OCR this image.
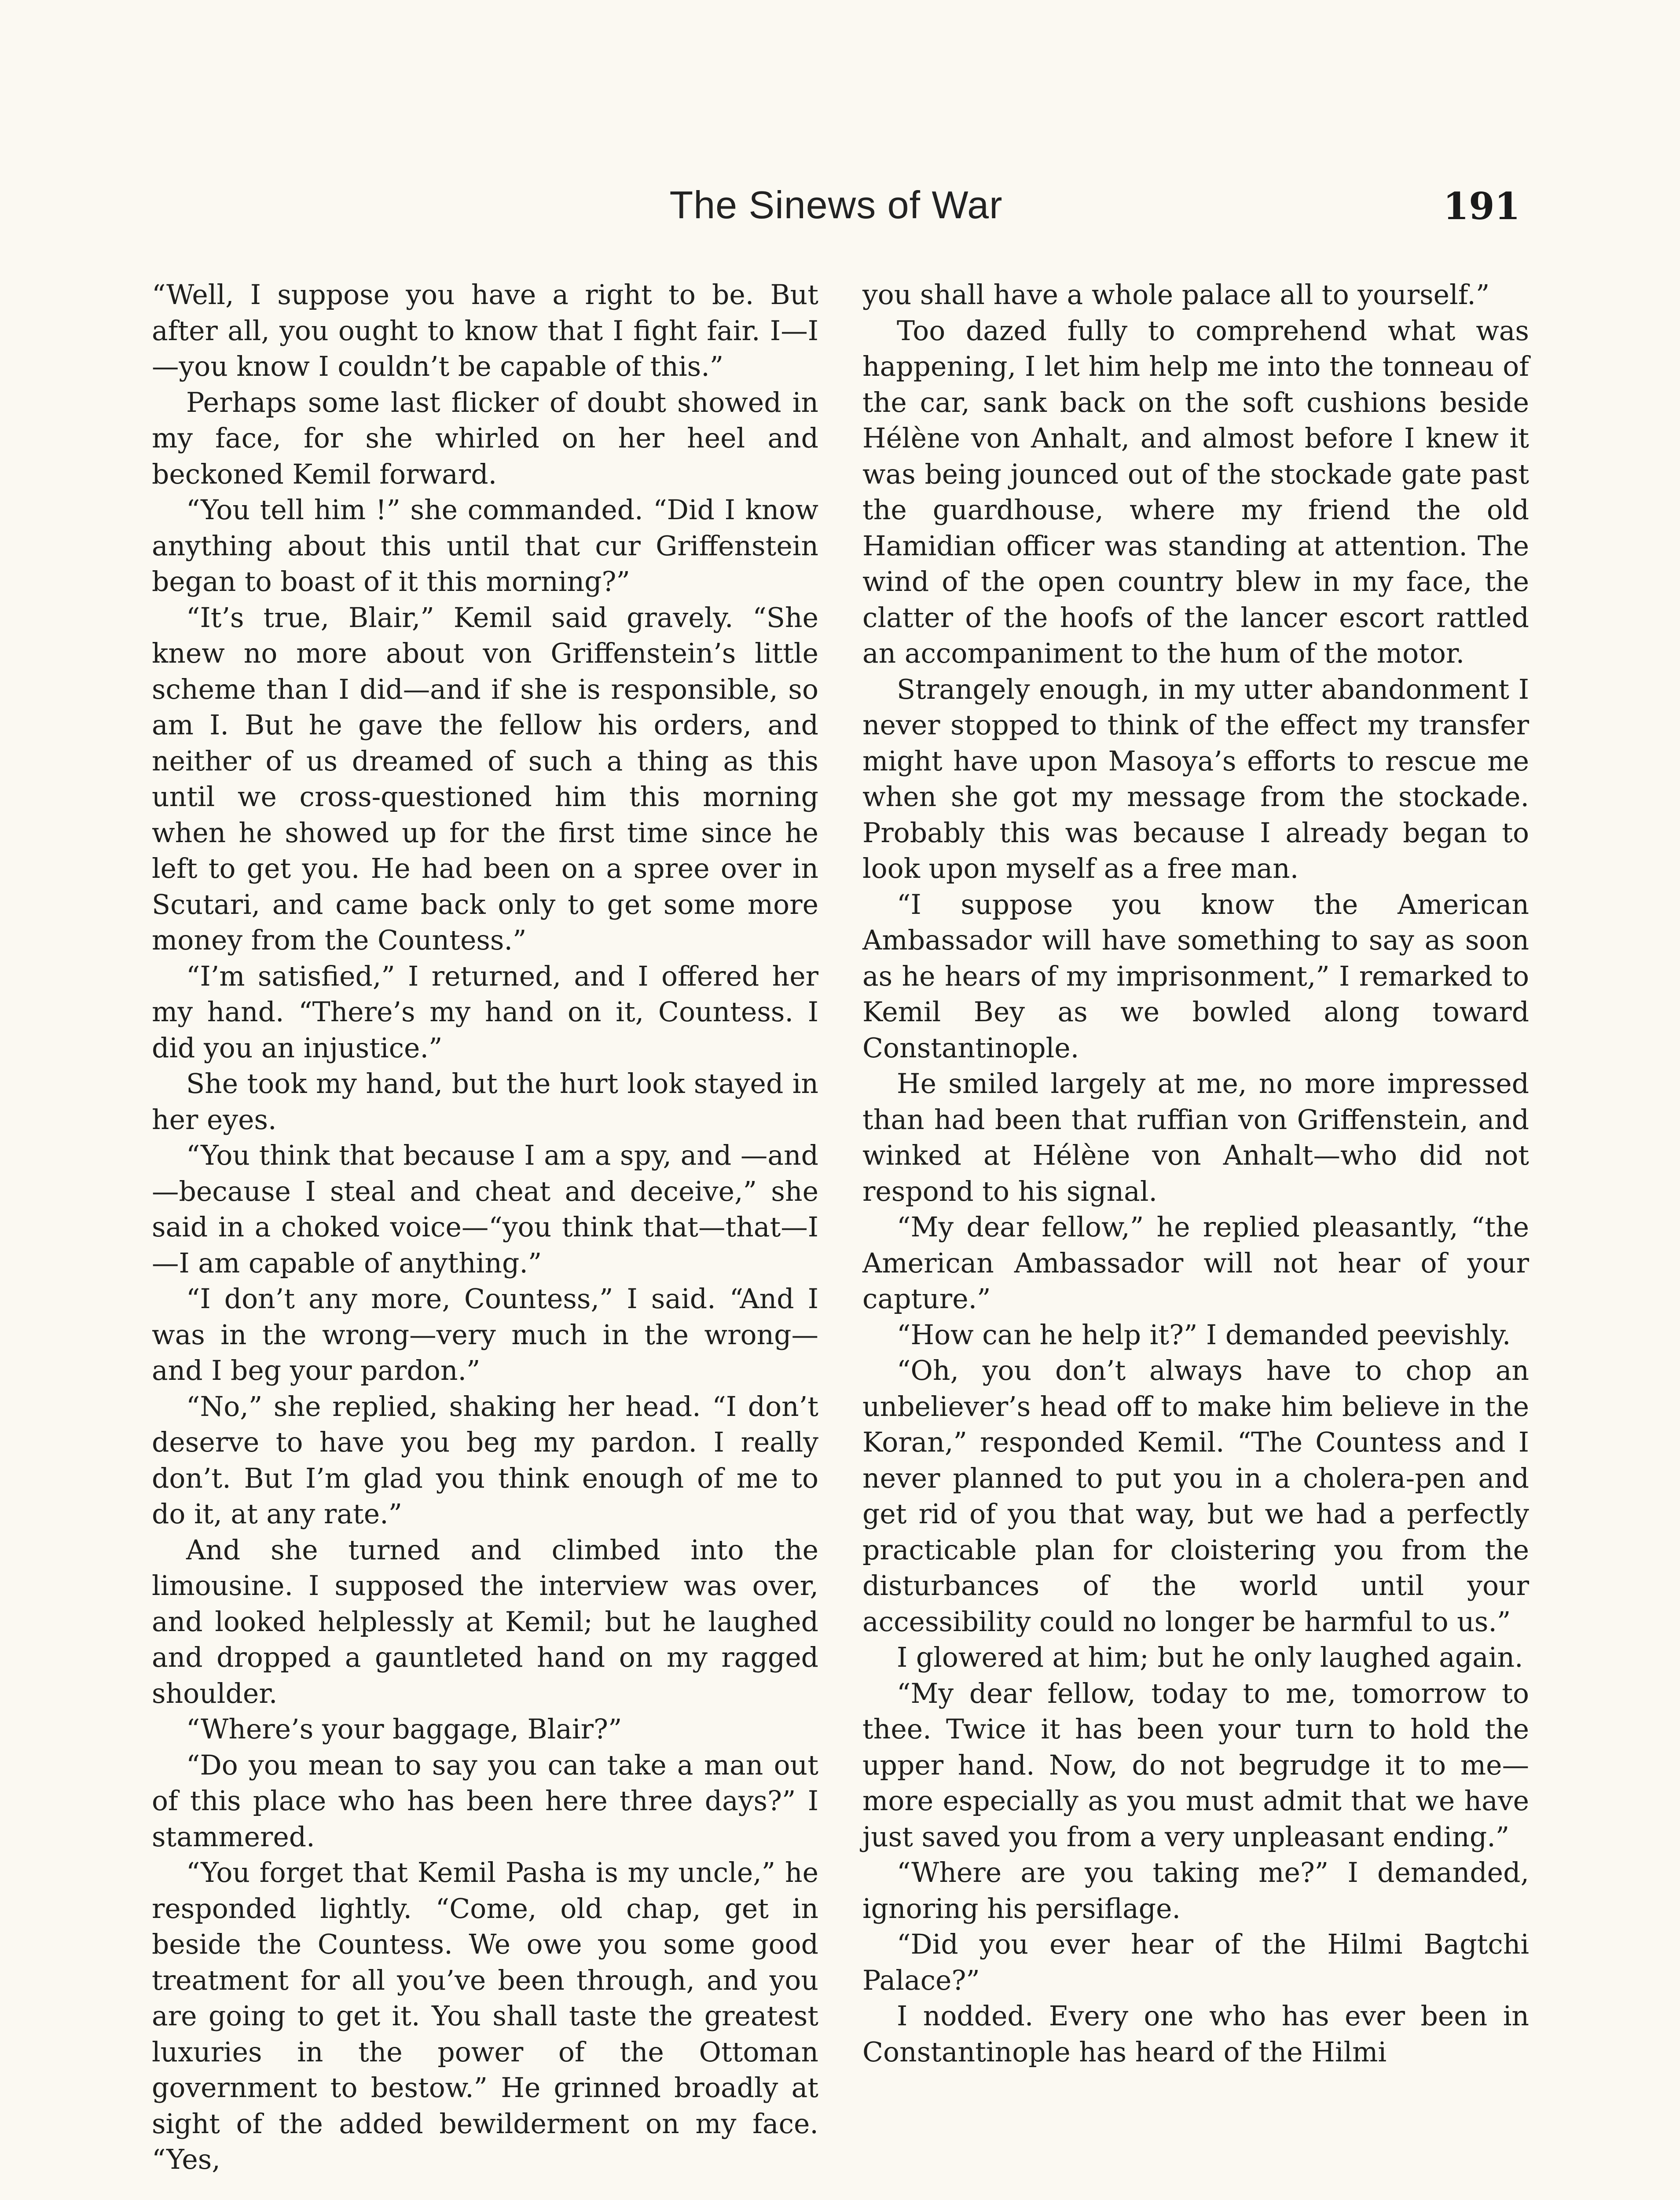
The Sinews of War	191

“Well, I suppose you have a right to be. But after all, you ought to know that I fight fair. I—I—you know I couldn’t be capable of this.”

Perhaps some last flicker of doubt showed in my face, for she whirled on her heel and beckoned Kemil forward.

“You tell him !” she commanded. “Did I know anything about this until that cur Griffenstein began to boast of it this morning?”

“It’s true, Blair,” Kemil said gravely. “She knew no more about von Griffenstein’s little scheme than I did—and if she is responsible, so am I. But he gave the fellow his orders, and neither of us dreamed of such a thing as this until we cross-questioned him this morning when he showed up for the first time since he left to get you. He had been on a spree over in Scutari, and came back only to get some more money from the Countess.”

“I’m satisfied,” I returned, and I offered her my hand. “There’s my hand on it, Countess. I did you an injustice.”

She took my hand, but the hurt look stayed in her eyes.

“You think that because I am a spy, and —and—because I steal and cheat and deceive,” she said in a choked voice—“you think that—that—I—I am capable of anything.”

“I don’t any more, Countess,” I said. “And I was in the wrong—very much in the wrong—and I beg your pardon.”

“No,” she replied, shaking her head. “I don’t deserve to have you beg my pardon. I really don’t. But I’m glad you think enough of me to do it, at any rate.”

And she turned and climbed into the limousine. I supposed the interview was over, and looked helplessly at Kemil; but he laughed and dropped a gauntleted hand on my ragged shoulder.

“Where’s your baggage, Blair?”

“Do you mean to say you can take a man out of this place who has been here three days?” I stammered.

“You forget that Kemil Pasha is my uncle,” he responded lightly. “Come, old chap, get in beside the Countess. We owe you some good treatment for all you’ve been through, and you are going to get it. You shall taste the greatest luxuries in the power of the Ottoman government to bestow.” He grinned broadly at sight of the added bewilderment on my face. “Yes,

you shall have a whole palace all to yourself.”

Too dazed fully to comprehend what was happening, I let him help me into the tonneau of the car, sank back on the soft cushions beside Hélène von Anhalt, and almost before I knew it was being jounced out of the stockade gate past the guardhouse, where my friend the old Hamidian officer was standing at attention. The wind of the open country blew in my face, the clatter of the hoofs of the lancer escort rattled an accompaniment to the hum of the motor.

Strangely enough, in my utter abandonment I never stopped to think of the effect my transfer might have upon Masoya’s efforts to rescue me when she got my message from the stockade. Probably this was because I already began to look upon myself as a free man.

“I suppose you know the American Ambassador will have something to say as soon as he hears of my imprisonment,” I remarked to Kemil Bey as we bowled along toward Constantinople.

He smiled largely at me, no more impressed than had been that ruffian von Griffenstein, and winked at Hélène von Anhalt—who did not respond to his signal.

“My dear fellow,” he replied pleasantly, “the American Ambassador will not hear of your capture.”

“How can he help it?” I demanded peevishly.

“Oh, you don’t always have to chop an unbeliever’s head off to make him believe in the Koran,” responded Kemil. “The Countess and I never planned to put you in a cholera-pen and get rid of you that way, but we had a perfectly practicable plan for cloistering you from the disturbances of the world until your accessibility could no longer be harmful to us.”

I glowered at him; but he only laughed again.

“My dear fellow, today to me, tomorrow to thee. Twice it has been your turn to hold the upper hand. Now, do not begrudge it to me—more especially as you must admit that we have just saved you from a very unpleasant ending.”

“Where are you taking me?” I demanded, ignoring his persiflage.

“Did you ever hear of the Hilmi Bagtchi Palace?”

I nodded. Every one who has ever been in Constantinople has heard of the Hilmi
